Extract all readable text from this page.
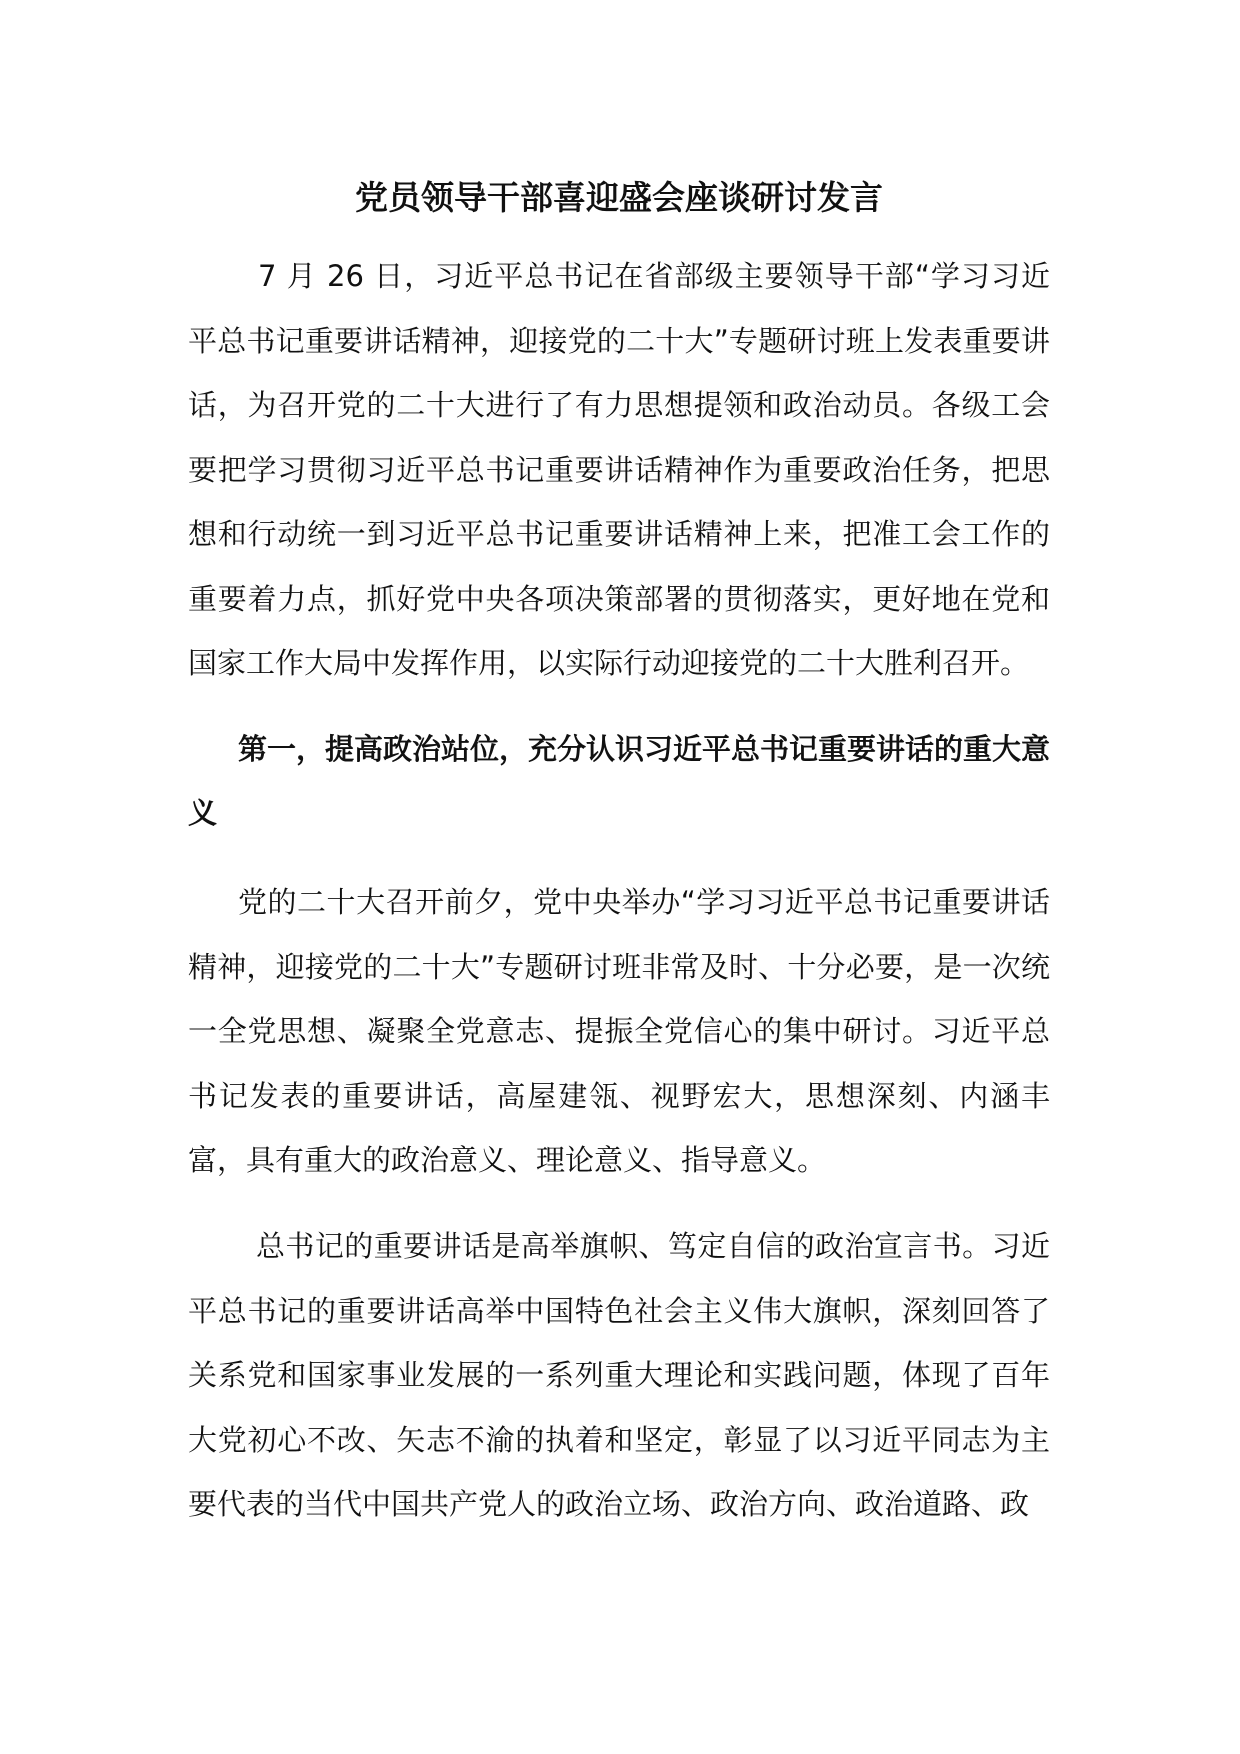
党员领导干部喜迎盛会座谈研讨发言

7 月 26 日，习近平总书记在省部级主要领导干部“学习习近平总书记重要讲话精神，迎接党的二十大”专题研讨班上发表重要讲话，为召开党的二十大进行了有力思想提领和政治动员。各级工会要把学习贯彻习近平总书记重要讲话精神作为重要政治任务，把思想和行动统一到习近平总书记重要讲话精神上来，把准工会工作的重要着力点，抓好党中央各项决策部署的贯彻落实，更好地在党和国家工作大局中发挥作用，以实际行动迎接党的二十大胜利召开。

第一，提高政治站位，充分认识习近平总书记重要讲话的重大意义

党的二十大召开前夕，党中央举办“学习习近平总书记重要讲话精神，迎接党的二十大”专题研讨班非常及时、十分必要，是一次统一全党思想、凝聚全党意志、提振全党信心的集中研讨。习近平总书记发表的重要讲话，高屋建瓴、视野宏大，思想深刻、内涵丰富，具有重大的政治意义、理论意义、指导意义。

总书记的重要讲话是高举旗帜、笃定自信的政治宣言书。习近平总书记的重要讲话高举中国特色社会主义伟大旗帜，深刻回答了关系党和国家事业发展的一系列重大理论和实践问题，体现了百年大党初心不改、矢志不渝的执着和坚定，彰显了以习近平同志为主要代表的当代中国共产党人的政治立场、政治方向、政治道路、政
